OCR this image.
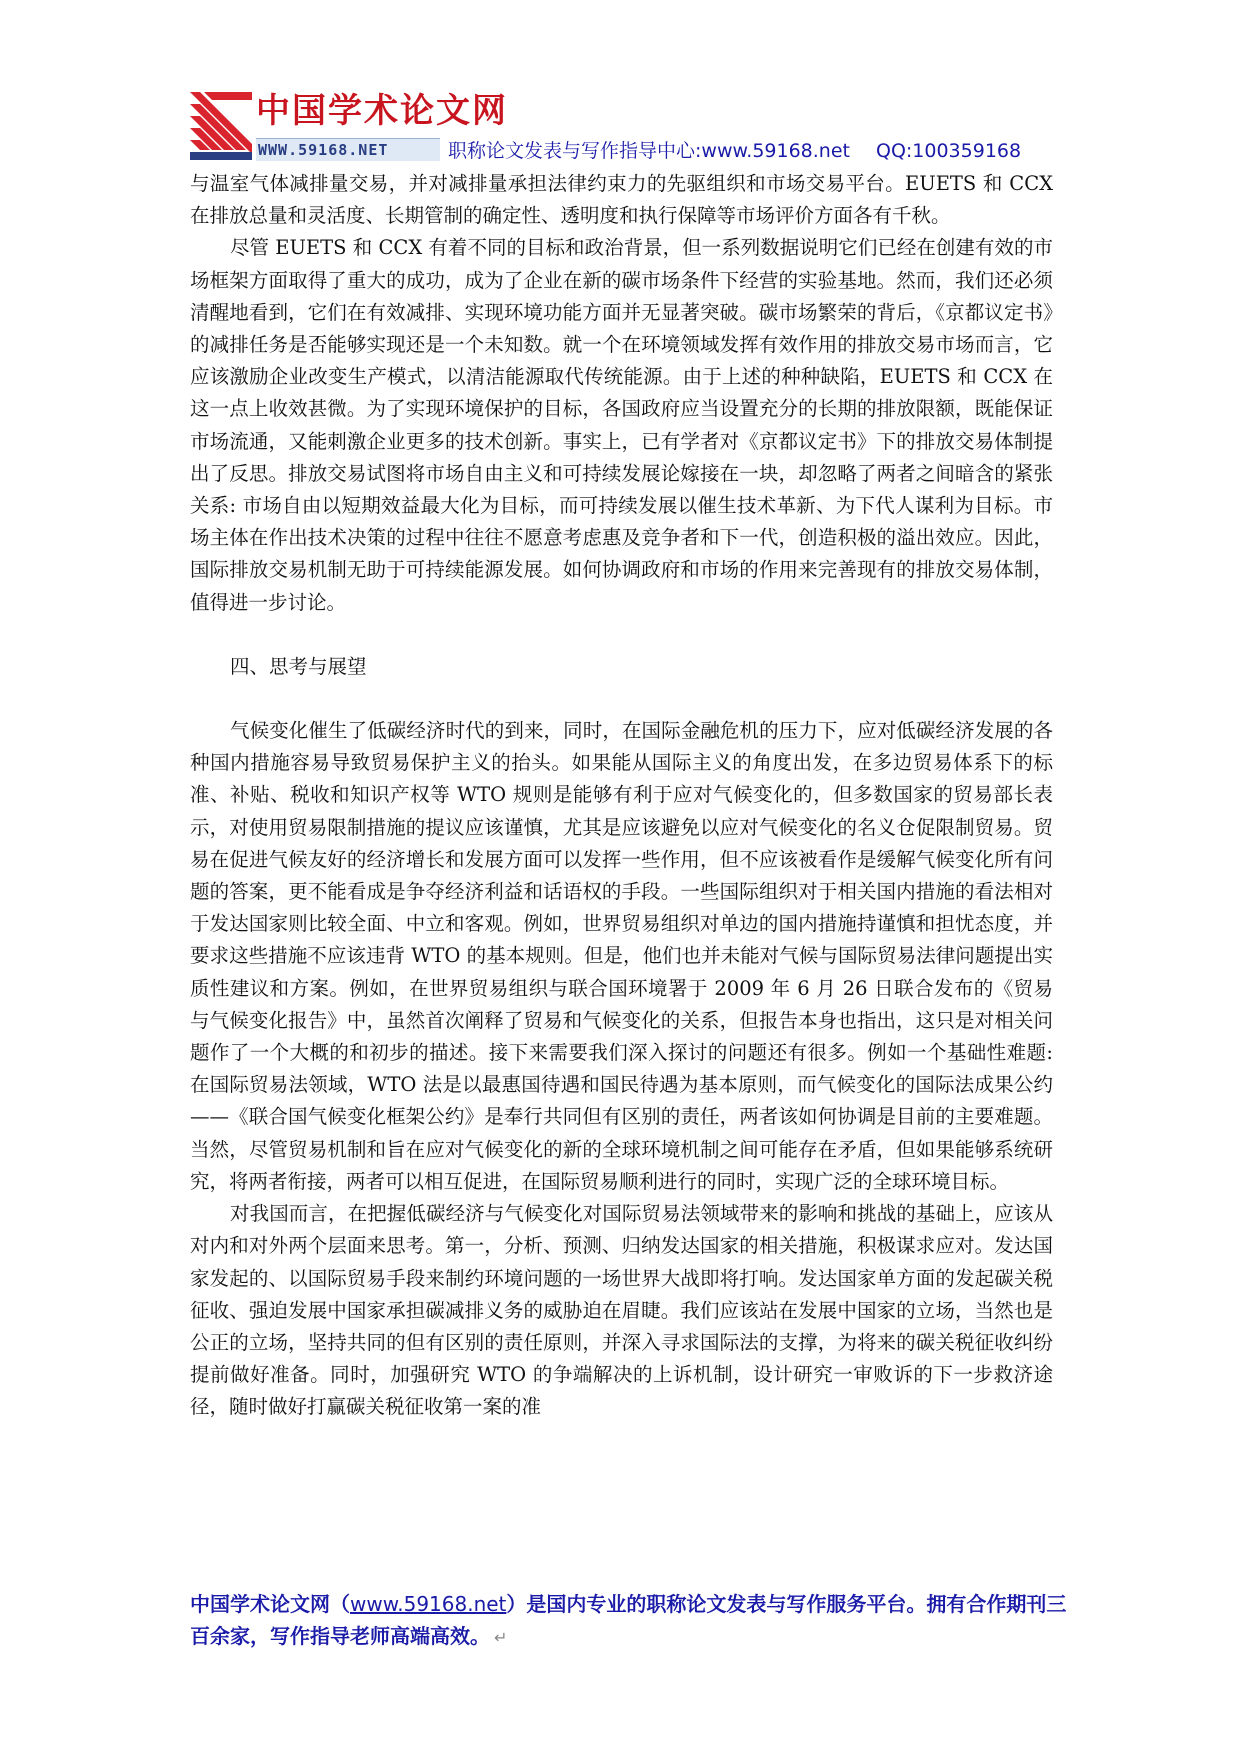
中国学术论文网
WWW.59168.NET	职称论文发表与写作指导中心:www.59168.net QQ:100359168

与温室气体减排量交易，并对减排量承担法律约束力的先驱组织和市场交易平台。EUETS 和 CCX 在排放总量和灵活度、长期管制的确定性、透明度和执行保障等市场评价方面各有千秋。

尽管 EUETS 和 CCX 有着不同的目标和政治背景，但一系列数据说明它们已经在创建有效的市场框架方面取得了重大的成功，成为了企业在新的碳市场条件下经营的实验基地。然而，我们还必须清醒地看到，它们在有效减排、实现环境功能方面并无显著突破。碳市场繁荣的背后，《京都议定书》的减排任务是否能够实现还是一个未知数。就一个在环境领域发挥有效作用的排放交易市场而言，它应该激励企业改变生产模式，以清洁能源取代传统能源。由于上述的种种缺陷，EUETS 和 CCX 在这一点上收效甚微。为了实现环境保护的目标，各国政府应当设置充分的长期的排放限额，既能保证市场流通，又能刺激企业更多的技术创新。事实上，已有学者对《京都议定书》下的排放交易体制提出了反思。排放交易试图将市场自由主义和可持续发展论嫁接在一块，却忽略了两者之间暗含的紧张关系: 市场自由以短期效益最大化为目标，而可持续发展以催生技术革新、为下代人谋利为目标。市场主体在作出技术决策的过程中往往不愿意考虑惠及竞争者和下一代，创造积极的溢出效应。因此，国际排放交易机制无助于可持续能源发展。如何协调政府和市场的作用来完善现有的排放交易体制，值得进一步讨论。

四、思考与展望

气候变化催生了低碳经济时代的到来，同时，在国际金融危机的压力下，应对低碳经济发展的各种国内措施容易导致贸易保护主义的抬头。如果能从国际主义的角度出发，在多边贸易体系下的标准、补贴、税收和知识产权等 WTO 规则是能够有利于应对气候变化的，但多数国家的贸易部长表示，对使用贸易限制措施的提议应该谨慎，尤其是应该避免以应对气候变化的名义仓促限制贸易。贸易在促进气候友好的经济增长和发展方面可以发挥一些作用，但不应该被看作是缓解气候变化所有问题的答案，更不能看成是争夺经济利益和话语权的手段。一些国际组织对于相关国内措施的看法相对于发达国家则比较全面、中立和客观。例如，世界贸易组织对单边的国内措施持谨慎和担忧态度，并要求这些措施不应该违背 WTO 的基本规则。但是，他们也并未能对气候与国际贸易法律问题提出实质性建议和方案。例如，在世界贸易组织与联合国环境署于 2009 年 6 月 26 日联合发布的《贸易与气候变化报告》中，虽然首次阐释了贸易和气候变化的关系，但报告本身也指出，这只是对相关问题作了一个大概的和初步的描述。接下来需要我们深入探讨的问题还有很多。例如一个基础性难题: 在国际贸易法领域，WTO 法是以最惠国待遇和国民待遇为基本原则，而气候变化的国际法成果公约——《联合国气候变化框架公约》是奉行共同但有区别的责任，两者该如何协调是目前的主要难题。当然，尽管贸易机制和旨在应对气候变化的新的全球环境机制之间可能存在矛盾，但如果能够系统研究，将两者衔接，两者可以相互促进，在国际贸易顺利进行的同时，实现广泛的全球环境目标。

对我国而言，在把握低碳经济与气候变化对国际贸易法领域带来的影响和挑战的基础上，应该从对内和对外两个层面来思考。第一，分析、预测、归纳发达国家的相关措施，积极谋求应对。发达国家发起的、以国际贸易手段来制约环境问题的一场世界大战即将打响。发达国家单方面的发起碳关税征收、强迫发展中国家承担碳减排义务的威胁迫在眉睫。我们应该站在发展中国家的立场，当然也是公正的立场，坚持共同的但有区别的责任原则，并深入寻求国际法的支撑，为将来的碳关税征收纠纷提前做好准备。同时，加强研究 WTO 的争端解决的上诉机制，设计研究一审败诉的下一步救济途径，随时做好打赢碳关税征收第一案的准

中国学术论文网（www.59168.net）是国内专业的职称论文发表与写作服务平台。拥有合作期刊三百余家，写作指导老师高端高效。 ↵
